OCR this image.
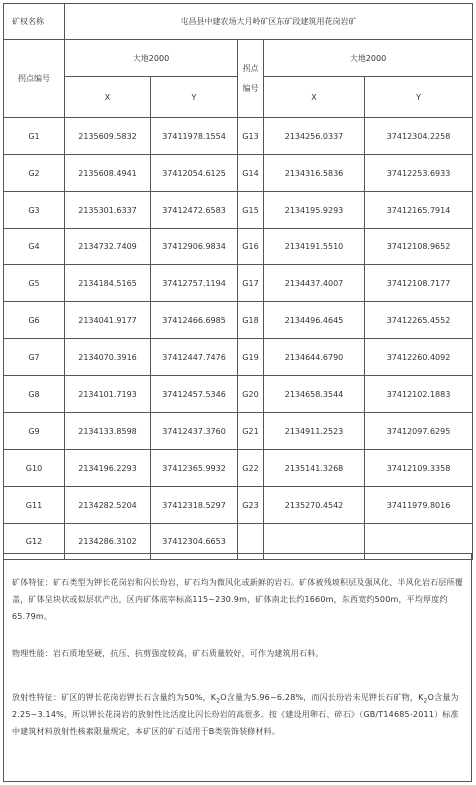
矿权名称	屯昌县中建农场大月岭矿区东矿段建筑用花岗岩矿				
拐点编号	大地2000		拐点
编号	大地2000	
	X	Y		X	Y
G1	2135609.5832	37411978.1554	G13	2134256.0337	37412304.2258
G2	2135608.4941	37412054.6125	G14	2134316.5836	37412253.6933
G3	2135301.6337	37412472.6583	G15	2134195.9293	37412165.7914
G4	2134732.7409	37412906.9834	G16	2134191.5510	37412108.9652
G5	2134184.5165	37412757.1194	G17	2134437.4007	37412108.7177
G6	2134041.9177	37412466.6985	G18	2134496.4645	37412265.4552
G7	2134070.3916	37412447.7476	G19	2134644.6790	37412260.4092
G8	2134101.7193	37412457.5346	G20	2134658.3544	37412102.1883
G9	2134133.8598	37412437.3760	G21	2134911.2523	37412097.6295
G10	2134196.2293	37412365.9932	G22	2135141.3268	37412109.3358
G11	2134282.5204	37412318.5297	G23	2135270.4542	37411979.8016
G12	2134286.3102	37412304.6653			

矿体特征：矿石类型为钾长花岗岩和闪长玢岩，矿石均为微风化或新鲜的岩石。矿体被残坡积层及强风化、半风化岩石层所覆盖，矿体呈块状或似层状产出，区内矿体底宰标高115~230.9m，矿体南北长约1660m，东西宽约500m，平均厚度约65.79m。

物理性能：岩石质地坚硬，抗压、抗剪强度较高，矿石质量较好，可作为建筑用石料。

放射性特征：矿区的钾长花岗岩钾长石含量约为50%，$K_2O$含量为5.96~6.28%，而闪长玢岩未见钾长石矿物，$K_2O$含量为2.25~3.14%，所以钾长花岗岩的放射性比活度比闪长玢岩的高很多。按《建设用卵石、碎石》（GB/T14685-2011）标准中建筑材料放射性核素限量规定，本矿区的矿石适用于B类装饰装修材料。
